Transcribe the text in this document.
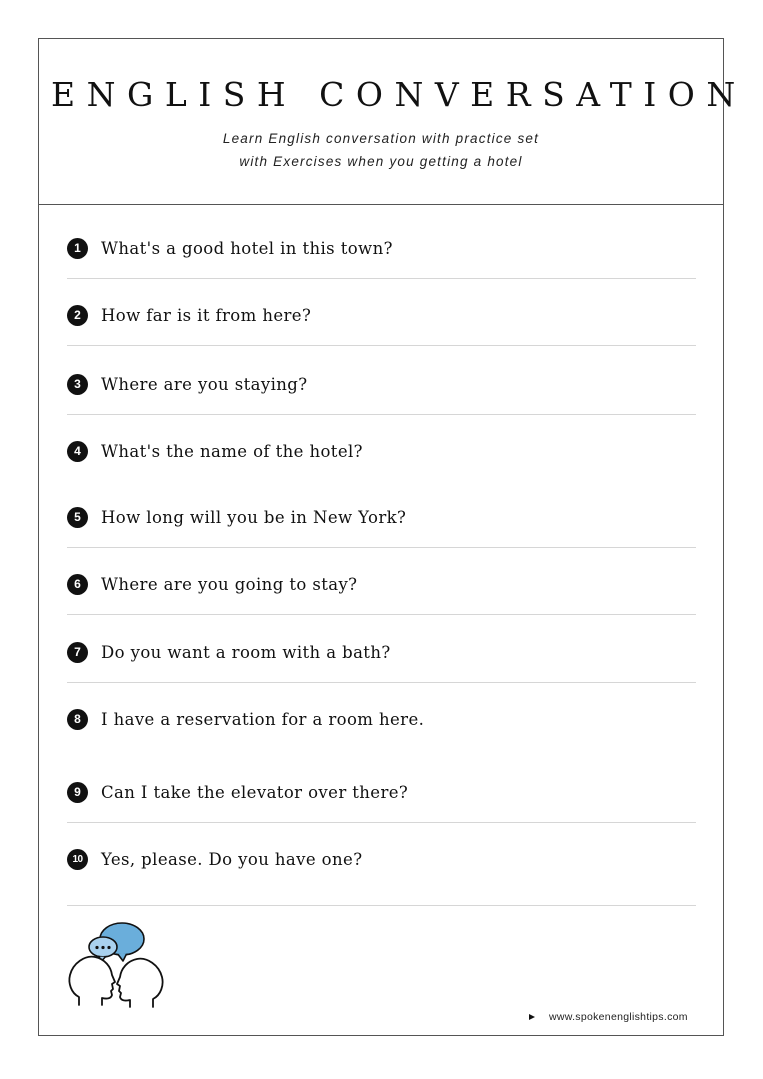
ENGLISH CONVERSATION
Learn English conversation with practice set
with Exercises when you getting a hotel
1	What's a good hotel in this town?
2	How far is it from here?
3	Where are you staying?
4	What's the name of the hotel?
5	How long will you be in New York?
6	Where are you going to stay?
7	Do you want a room with a bath?
8	I have a reservation for a room here.
9	Can I take the elevator over there?
10	Yes, please. Do you have one?
www.spokenenglishtips.com
